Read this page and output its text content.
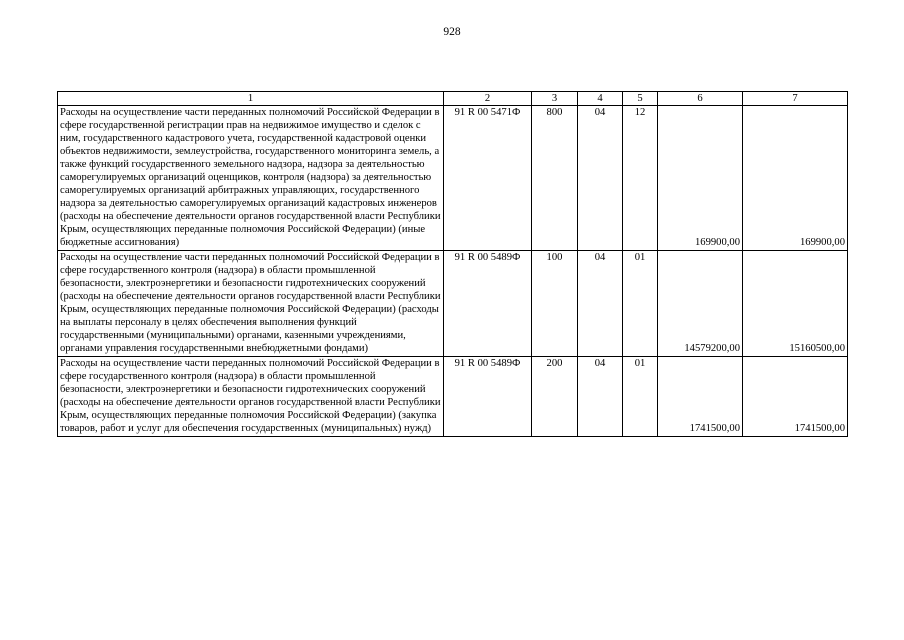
928
1	2	3	4	5	6	7
Расходы на осуществление части переданных полномочий Российской Федерации в сфере государственной регистрации прав на недвижимое имущество и сделок с ним, государственного кадастрового учета, государственной кадастровой оценки объектов недвижимости, землеустройства, государственного мониторинга земель, а также функций государственного земельного надзора, надзора за деятельностью саморегулируемых организаций оценщиков, контроля (надзора) за деятельностью саморегулируемых организаций арбитражных управляющих, государственного надзора за деятельностью саморегулируемых организаций кадастровых инженеров (расходы на обеспечение деятельности органов государственной власти Республики Крым, осуществляющих переданные полномочия Российской Федерации) (иные бюджетные ассигнования)	91 R 00 5471Ф	800	04	12	169900,00	169900,00
Расходы на осуществление части переданных полномочий Российской Федерации в сфере государственного контроля (надзора) в области промышленной безопасности, электроэнергетики и безопасности гидротехнических сооружений (расходы на обеспечение деятельности органов государственной власти Республики Крым, осуществляющих переданные полномочия Российской Федерации) (расходы на выплаты персоналу в целях обеспечения выполнения функций государственными (муниципальными) органами, казенными учреждениями, органами управления государственными внебюджетными фондами)	91 R 00 5489Ф	100	04	01	14579200,00	15160500,00
Расходы на осуществление части переданных полномочий Российской Федерации в сфере государственного контроля (надзора) в области промышленной безопасности, электроэнергетики и безопасности гидротехнических сооружений (расходы на обеспечение деятельности органов государственной власти Республики Крым, осуществляющих переданные полномочия Российской Федерации) (закупка товаров, работ и услуг для обеспечения государственных (муниципальных) нужд)	91 R 00 5489Ф	200	04	01	1741500,00	1741500,00
